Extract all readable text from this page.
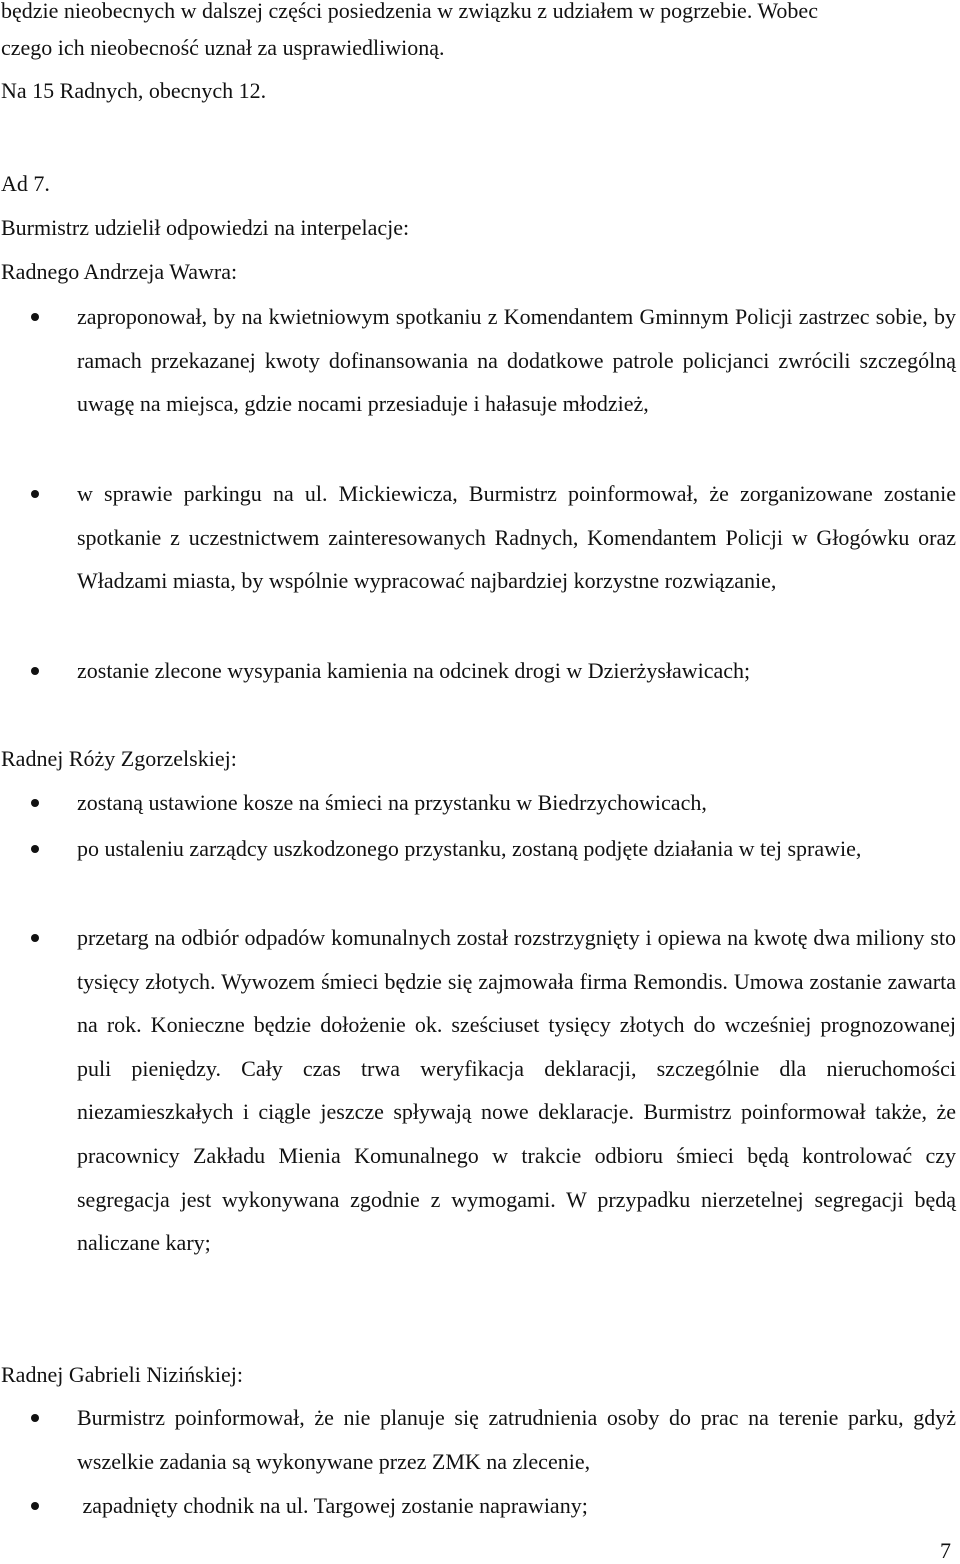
będzie nieobecnych w dalszej części posiedzenia w związku z udziałem w pogrzebie. Wobec
czego ich nieobecność uznał za usprawiedliwioną.
Na 15 Radnych, obecnych 12.
Ad 7.
Burmistrz udzielił odpowiedzi na interpelacje:
Radnego Andrzeja Wawra:
zaproponował, by na kwietniowym spotkaniu z Komendantem Gminnym Policji zastrzec sobie, by ramach przekazanej kwoty dofinansowania na dodatkowe patrole policjanci zwrócili szczególną uwagę na miejsca, gdzie nocami przesiaduje i hałasuje młodzież,
w sprawie parkingu na ul. Mickiewicza, Burmistrz poinformował, że zorganizowane zostanie spotkanie z uczestnictwem zainteresowanych Radnych, Komendantem Policji w Głogówku oraz Władzami miasta, by wspólnie wypracować najbardziej korzystne rozwiązanie,
zostanie zlecone wysypania kamienia na odcinek drogi w Dzierżysławicach;
Radnej Róży Zgorzelskiej:
zostaną ustawione kosze na śmieci na przystanku w Biedrzychowicach,
po ustaleniu zarządcy uszkodzonego przystanku, zostaną podjęte działania w tej sprawie,
przetarg na odbiór odpadów komunalnych został rozstrzygnięty i opiewa na kwotę dwa miliony sto tysięcy złotych. Wywozem śmieci będzie się zajmowała firma Remondis. Umowa zostanie zawarta na rok. Konieczne będzie dołożenie ok. sześciuset tysięcy złotych do wcześniej prognozowanej puli pieniędzy. Cały czas trwa weryfikacja deklaracji, szczególnie dla nieruchomości niezamieszkałych i ciągle jeszcze spływają nowe deklaracje. Burmistrz poinformował także, że pracownicy Zakładu Mienia Komunalnego w trakcie odbioru śmieci będą kontrolować czy segregacja jest wykonywana zgodnie z wymogami. W przypadku nierzetelnej segregacji będą naliczane kary;
Radnej Gabrieli Nizińskiej:
Burmistrz poinformował, że nie planuje się zatrudnienia osoby do prac na terenie parku, gdyż wszelkie zadania są wykonywane przez ZMK na zlecenie,
zapadnięty chodnik na ul. Targowej zostanie naprawiany;
7
